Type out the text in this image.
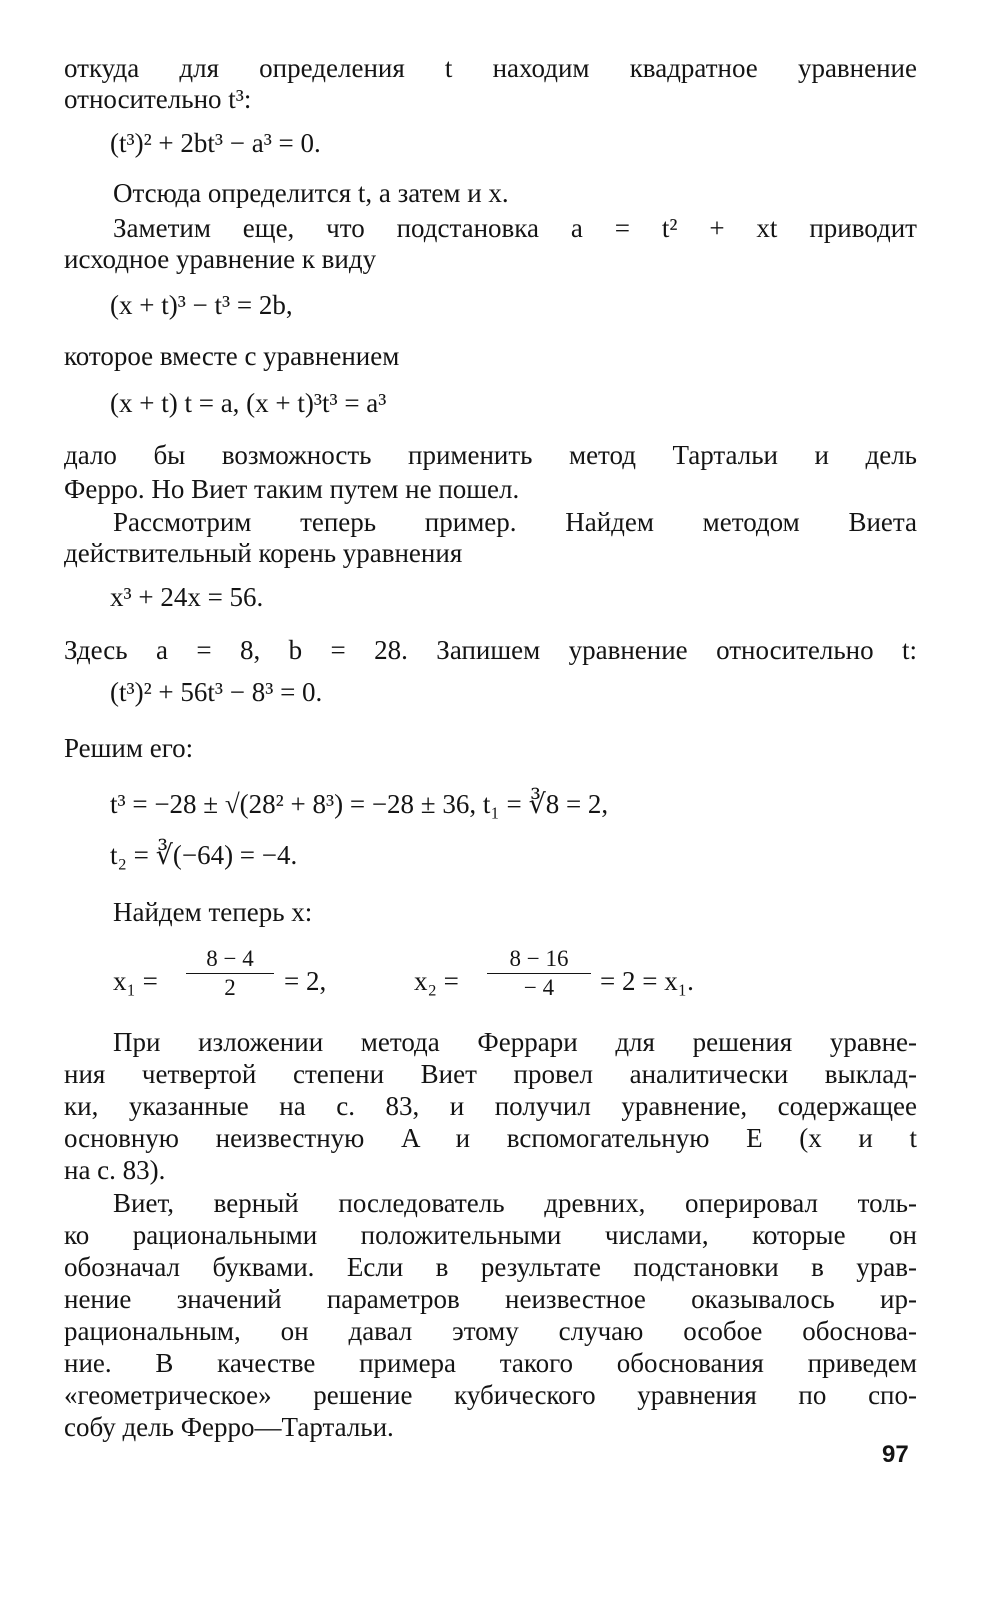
откуда для определения t находим квадратное уравнение
относительно t³:
(t³)² + 2bt³ − a³ = 0.
Отсюда определится t, а затем и x.
Заметим еще, что подстановка a = t² + xt приводит
исходное уравнение к виду
(x + t)³ − t³ = 2b,
которое вместе с уравнением
(x + t) t = a, (x + t)³t³ = a³
дало бы возможность применить метод Тартальи и дель
Ферро. Но Виет таким путем не пошел.
Рассмотрим теперь пример. Найдем методом Виета
действительный корень уравнения
x³ + 24x = 56.
Здесь a = 8, b = 28. Запишем уравнение относительно t:
(t³)² + 56t³ − 8³ = 0.
Решим его:
t³ = −28 ± √(28² + 8³) = −28 ± 36, t₁ = ∛8 = 2,
t₂ = ∛(−64) = −4.
Найдем теперь x:
x₁ =
8 − 4
2	= 2,	x₂ =
8 − 16
− 4	= 2 = x₁.
При изложении метода Феррари для решения уравне-
ния четвертой степени Виет провел аналитически выклад-
ки, указанные на с. 83, и получил уравнение, содержащее
основную неизвестную A и вспомогательную E (x и t
на с. 83).
Виет, верный последователь древних, оперировал толь-
ко рациональными положительными числами, которые он
обозначал буквами. Если в результате подстановки в урав-
нение значений параметров неизвестное оказывалось ир-
рациональным, он давал этому случаю особое обоснова-
ние. В качестве примера такого обоснования приведем
«геометрическое» решение кубического уравнения по спо-
собу дель Ферро—Тартальи.
97
